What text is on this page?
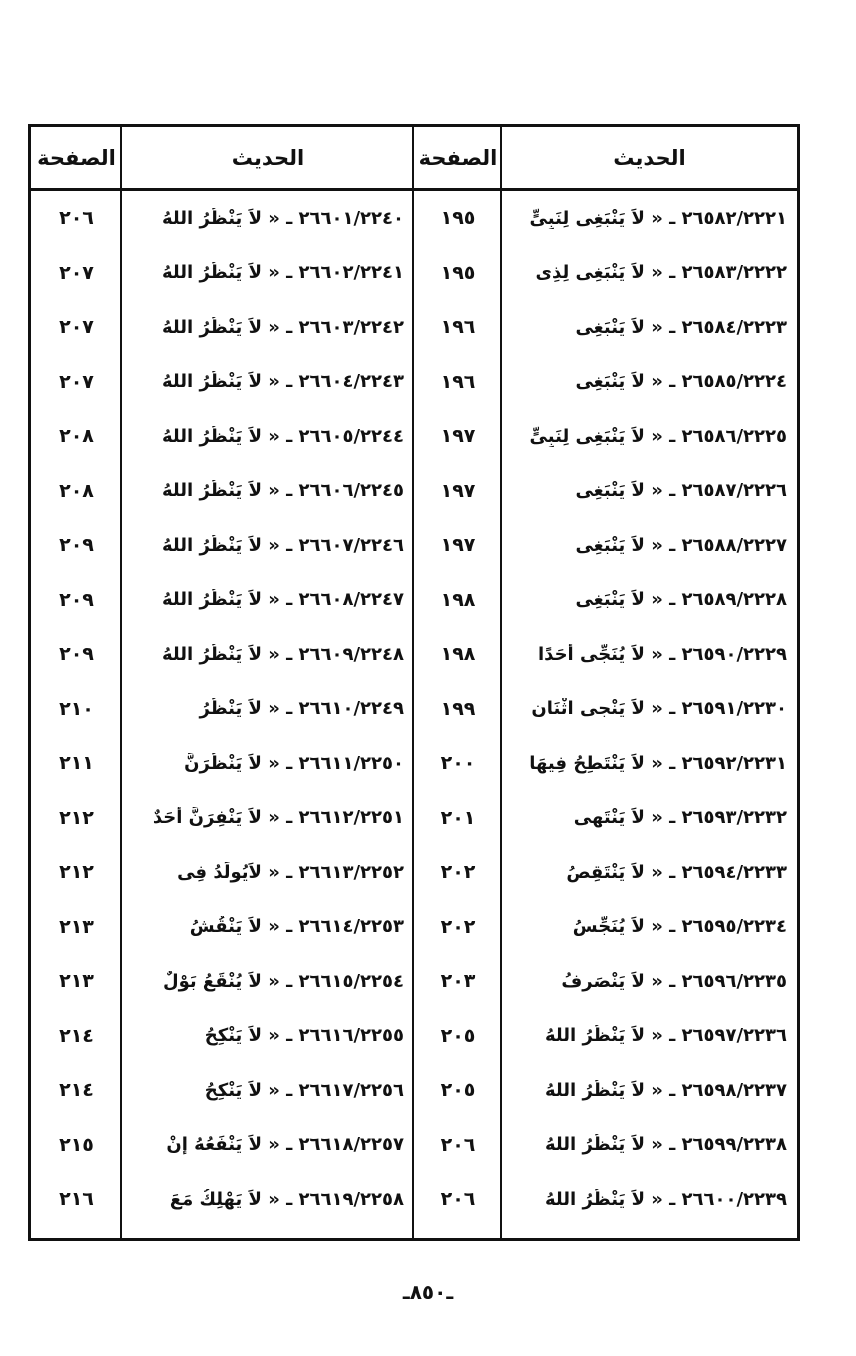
الحديث
الصفحة
الحديث
الصفحة
٢٦٥٨٢/٢٢٢١ ـ « لاَ يَنْبَغِى لِنَبِىٍّ
١٩٥
٢٦٦٠١/٢٢٤٠ ـ « لاَ يَنْظُرُ اللهُ
٢٠٦
٢٦٥٨٣/٢٢٢٢ ـ « لاَ يَنْبَغِى لِذِى
١٩٥
٢٦٦٠٢/٢٢٤١ ـ « لاَ يَنْظُرُ اللهُ
٢٠٧
٢٦٥٨٤/٢٢٢٣ ـ « لاَ يَنْبَغِى
١٩٦
٢٦٦٠٣/٢٢٤٢ ـ « لاَ يَنْظُرُ اللهُ
٢٠٧
٢٦٥٨٥/٢٢٢٤ ـ « لاَ يَنْبَغِى
١٩٦
٢٦٦٠٤/٢٢٤٣ ـ « لاَ يَنْظُرُ اللهُ
٢٠٧
٢٦٥٨٦/٢٢٢٥ ـ « لاَ يَنْبَغِى لِنَبِىٍّ
١٩٧
٢٦٦٠٥/٢٢٤٤ ـ « لاَ يَنْظُرُ اللهُ
٢٠٨
٢٦٥٨٧/٢٢٢٦ ـ « لاَ يَنْبَغِى
١٩٧
٢٦٦٠٦/٢٢٤٥ ـ « لاَ يَنْظُرُ اللهُ
٢٠٨
٢٦٥٨٨/٢٢٢٧ ـ « لاَ يَنْبَغِى
١٩٧
٢٦٦٠٧/٢٢٤٦ ـ « لاَ يَنْظُرُ اللهُ
٢٠٩
٢٦٥٨٩/٢٢٢٨ ـ « لاَ يَنْبَغِى
١٩٨
٢٦٦٠٨/٢٢٤٧ ـ « لاَ يَنْظُرُ اللهُ
٢٠٩
٢٦٥٩٠/٢٢٢٩ ـ « لاَ يُنَجِّى أَحَدًا
١٩٨
٢٦٦٠٩/٢٢٤٨ ـ « لاَ يَنْظُرُ اللهُ
٢٠٩
٢٦٥٩١/٢٢٣٠ ـ « لاَ يَنْجى اثْنَان
١٩٩
٢٦٦١٠/٢٢٤٩ ـ « لاَ يَنْظُرُ
٢١٠
٢٦٥٩٢/٢٢٣١ ـ « لاَ يَنْتَطِحُ فِيهَا
٢٠٠
٢٦٦١١/٢٢٥٠ ـ « لاَ يَنْظُرَنَّ
٢١١
٢٦٥٩٣/٢٢٣٢ ـ « لاَ يَنْتَهِى
٢٠١
٢٦٦١٢/٢٢٥١ ـ « لاَ يَنْفِرَنَّ أَحَدٌ
٢١٢
٢٦٥٩٤/٢٢٣٣ ـ « لاَ يَنْتَقِصُ
٢٠٢
٢٦٦١٣/٢٢٥٢ ـ « لاَيُولَدُ فِى
٢١٢
٢٦٥٩٥/٢٢٣٤ ـ « لاَ يُنَجِّسُ
٢٠٢
٢٦٦١٤/٢٢٥٣ ـ « لاَ يَنْقُشُ
٢١٣
٢٦٥٩٦/٢٢٣٥ ـ « لاَ يَنْصَرِفُ
٢٠٣
٢٦٦١٥/٢٢٥٤ ـ « لاَ يُنْقَعُ بَوْلٌ
٢١٣
٢٦٥٩٧/٢٢٣٦ ـ « لاَ يَنْظُرُ اللهُ
٢٠٥
٢٦٦١٦/٢٢٥٥ ـ « لاَ يَنْكِحُ
٢١٤
٢٦٥٩٨/٢٢٣٧ ـ « لاَ يَنْظُرُ اللهُ
٢٠٥
٢٦٦١٧/٢٢٥٦ ـ « لاَ يَنْكِحُ
٢١٤
٢٦٥٩٩/٢٢٣٨ ـ « لاَ يَنْظُرُ اللهُ
٢٠٦
٢٦٦١٨/٢٢٥٧ ـ « لاَ يَنْفَعُهُ إِنْ
٢١٥
٢٦٦٠٠/٢٢٣٩ ـ « لاَ يَنْظُرُ اللهُ
٢٠٦
٢٦٦١٩/٢٢٥٨ ـ « لاَ يَهْلِكُ مَعَ
٢١٦
ـ٨٥٠ـ
